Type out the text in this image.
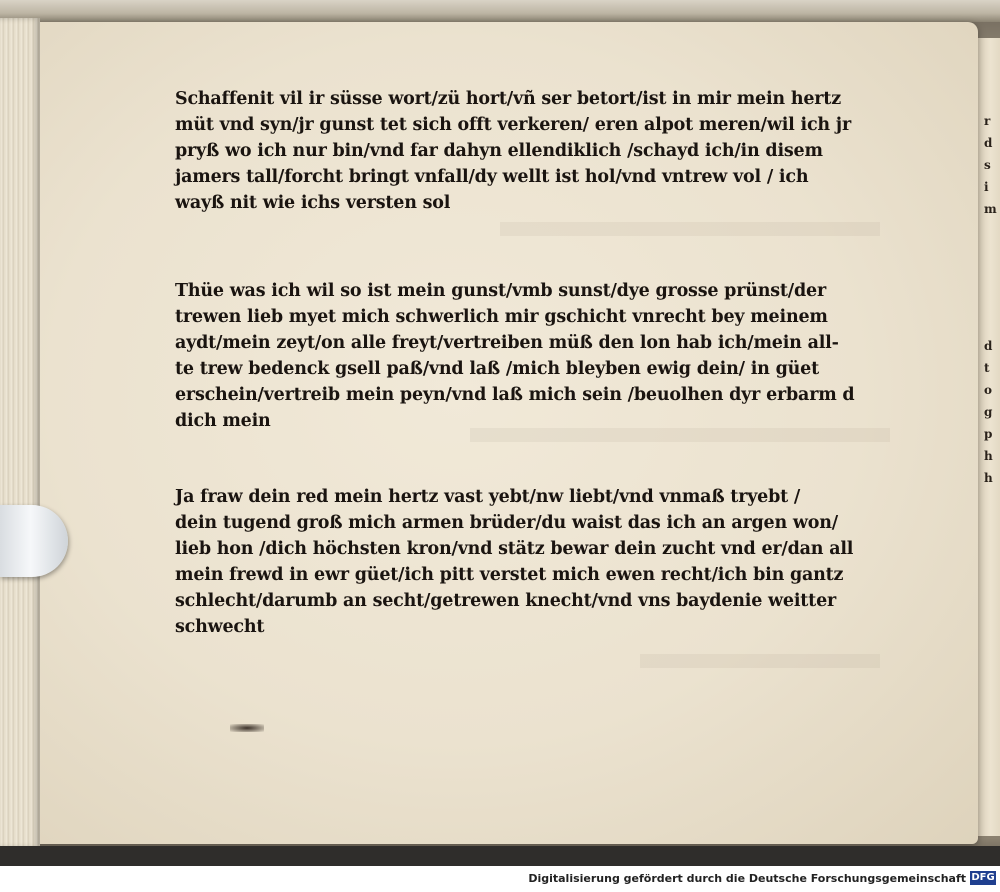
r
d
s
i
m
d
t
o
g
p
h
h
Schaffenit vil ir süsse wort/zü hort/vñ ser betort/ist in mir mein hertz
müt vnd syn/jr gunst tet sich offt verkeren/ eren alpot meren/wil ich jr
pryß wo ich nur bin/vnd far dahyn ellendiklich /schayd ich/in disem
jamers tall/forcht bringt vnfall/dy wellt ist hol/vnd vntrew vol / ich
wayß nit wie ichs versten sol
Thüe was ich wil so ist mein gunst/vmb sunst/dye grosse prünst/der
trewen lieb myet mich schwerlich mir gschicht vnrecht bey meinem
aydt/mein zeyt/on alle freyt/vertreiben müß den lon hab ich/mein all-
te trew bedenck gsell paß/vnd laß /mich bleyben ewig dein/ in güet
erschein/vertreib mein peyn/vnd laß mich sein /beuolhen dyr erbarm d
dich mein
Ja fraw dein red mein hertz vast yebt/nw liebt/vnd vnmaß tryebt /
dein tugend groß mich armen brüder/du waist das ich an argen won/
lieb hon /dich höchsten kron/vnd stätz bewar dein zucht vnd er/dan all
mein frewd in ewr güet/ich pitt verstet mich ewen recht/ich bin gantz
schlecht/darumb an secht/getrewen knecht/vnd vns baydenie weitter
schwecht
Digitalisierung gefördert durch die Deutsche Forschungsgemeinschaft DFG
